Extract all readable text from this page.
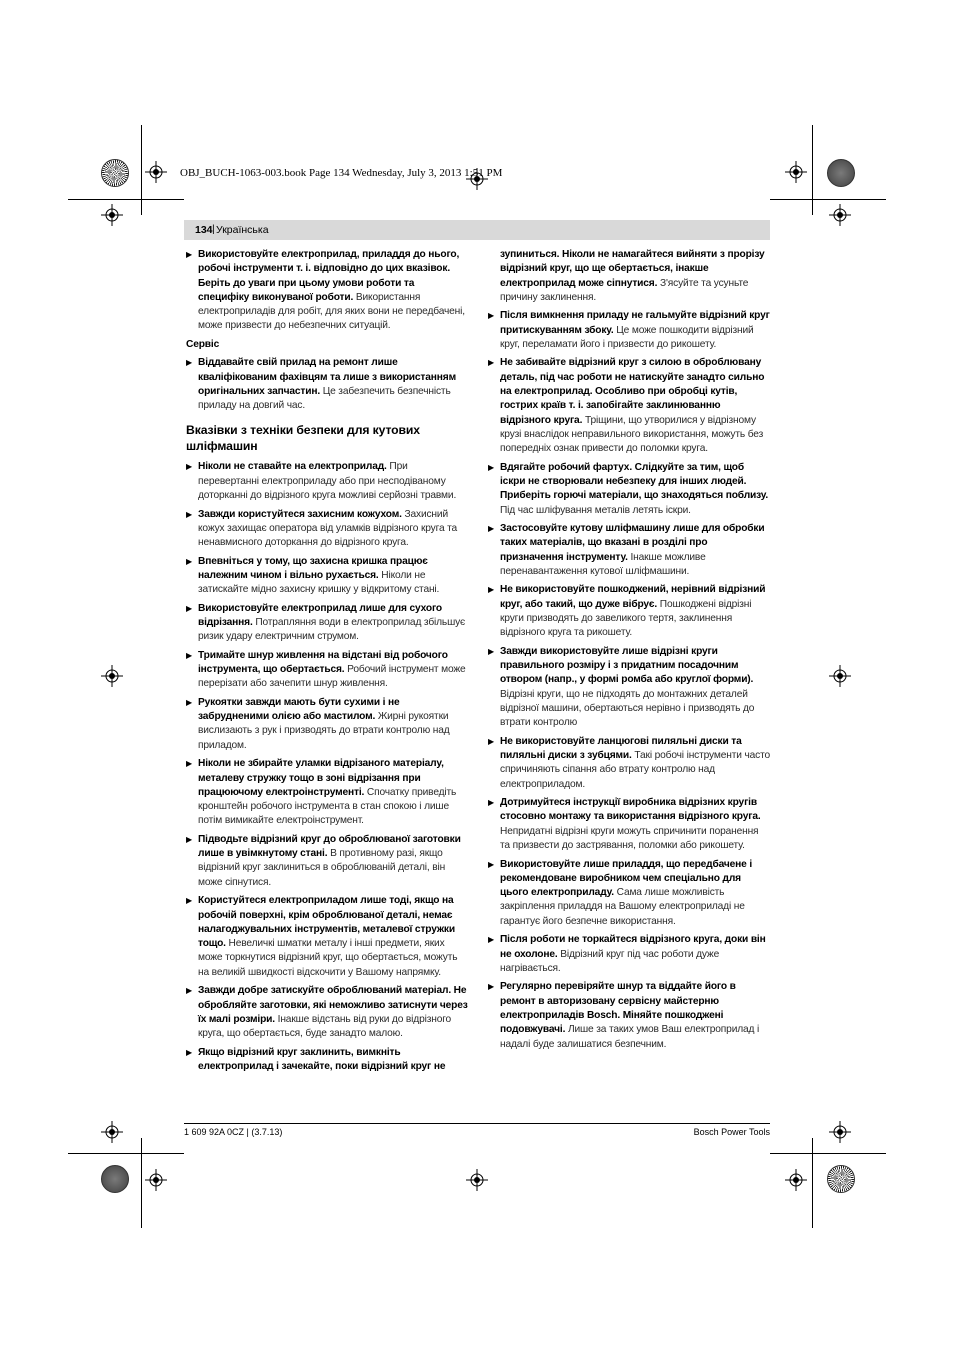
OBJ_BUCH-1063-003.book Page 134 Wednesday, July 3, 2013 1:51 PM
134 | Українська
▶ Використовуйте електроприлад, приладдя до нього, робочі інструменти т. і. відповідно до цих вказівок. Беріть до уваги при цьому умови роботи та специфіку виконуваної роботи. Використання електроприладів для робіт, для яких вони не передбачені, може призвести до небезпечних ситуацій.
Сервіс
▶ Віддавайте свій прилад на ремонт лише кваліфікованим фахівцям та лише з використанням оригінальних запчастин. Це забезпечить безпечність приладу на довгий час.
Вказівки з техніки безпеки для кутових шліфмашин
▶ Ніколи не ставайте на електроприлад. При перевертанні електроприладу або при несподіваному доторканні до відрізного круга можливі серйозні травми.
▶ Завжди користуйтеся захисним кожухом. Захисний кожух захищає оператора від уламків відрізного круга та ненавмисного доторкання до відрізного круга.
▶ Впевніться у тому, що захисна кришка працює належним чином і вільно рухається. Ніколи не затискайте мідно захисну кришку у відкритому стані.
▶ Використовуйте електроприлад лише для сухого відрізання. Потрапляння води в електроприлад збільшує ризик удару електричним струмом.
▶ Тримайте шнур живлення на відстані від робочого інструмента, що обертається. Робочий інструмент може перерізати або зачепити шнур живлення.
▶ Рукоятки завжди мають бути сухими і не забрудненими олією або мастилом. Жирні рукоятки вислизають з рук і призводять до втрати контролю над приладом.
▶ Ніколи не збирайте уламки відрізаного матеріалу, металеву стружку тощо в зоні відрізання при працюючому електроінструменті. Спочатку приведіть кронштейн робочого інструмента в стан спокою і лише потім вимикайте електроінструмент.
▶ Підводьте відрізний круг до оброблюваної заготовки лише в увімкнутому стані. В противному разі, якщо відрізний круг заклиниться в оброблюваній деталі, він може сіпнутися.
▶ Користуйтеся електроприладом лише тоді, якщо на робочій поверхні, крім оброблюваної деталі, немає налагоджувальних інструментів, металевої стружки тощо. Невеличкі шматки металу і інші предмети, яких може торкнутися відрізний круг, що обертається, можуть на великій швидкості відскочити у Вашому напрямку.
▶ Завжди добре затискуйте оброблюваний матеріал. Не обробляйте заготовки, які неможливо затиснути через їх малі розміри. Інакше відстань від руки до відрізного круга, що обертається, буде занадто малою.
▶ Якщо відрізний круг заклинить, вимкніть електроприлад і зачекайте, поки відрізний круг не
зупиниться. Ніколи не намагайтеся вийняти з прорізу відрізний круг, що ще обертається, інакше електроприлад може сіпнутися. З'ясуйте та усуньте причину заклинення.
▶ Після вимкнення приладу не гальмуйте відрізний круг притискуванням збоку. Це може пошкодити відрізний круг, переламати його і призвести до рикошету.
▶ Не забивайте відрізний круг з силою в оброблювану деталь, під час роботи не натискуйте занадто сильно на електроприлад. Особливо при обробці кутів, гострих країв т. і. запобігайте заклинюванню відрізного круга. Тріщини, що утворилися у відрізному крузі внаслідок неправильного використання, можуть без попередніх ознак привести до поломки круга.
▶ Вдягайте робочий фартух. Слідкуйте за тим, щоб іскри не створювали небезпеку для інших людей. Приберіть горючі матеріали, що знаходяться поблизу. Під час шліфування металів летять іскри.
▶ Застосовуйте кутову шліфмашину лише для обробки таких матеріалів, що вказані в розділі про призначення інструменту. Інакше можливе перенавантаження кутової шліфмашини.
▶ Не використовуйте пошкоджений, нерівний відрізний круг, або такий, що дуже вібрує. Пошкоджені відрізні круги призводять до завеликого тертя, заклинення відрізного круга та рикошету.
▶ Завжди використовуйте лише відрізні круги правильного розміру і з придатним посадочним отвором (напр., у формі ромба або круглої форми). Відрізні круги, що не підходять до монтажних деталей відрізної машини, обертаються нерівно і призводять до втрати контролю
▶ Не використовуйте ланцюгові пиляльні диски та пиляльні диски з зубцями. Такі робочі інструменти часто спричиняють сіпання або втрату контролю над електроприладом.
▶ Дотримуйтеся інструкції виробника відрізних кругів стосовно монтажу та використання відрізного круга. Непридатні відрізні круги можуть спричинити поранення та призвести до застрявання, поломки або рикошету.
▶ Використовуйте лише приладдя, що передбачене і рекомендоване виробником чем спеціально для цього електроприладу. Сама лише можливість закріплення приладдя на Вашому електроприладі не гарантує його безпечне використання.
▶ Після роботи не торкайтеся відрізного круга, доки він не охолоне. Відрізний круг під час роботи дуже нагрівається.
▶ Регулярно перевіряйте шнур та віддайте його в ремонт в авторизовану сервісну майстерню електроприладів Bosch. Міняйте пошкоджені подовжувачі. Лише за таких умов Ваш електроприлад і надалі буде залишатися безпечним.
1 609 92A 0CZ | (3.7.13)	Bosch Power Tools
